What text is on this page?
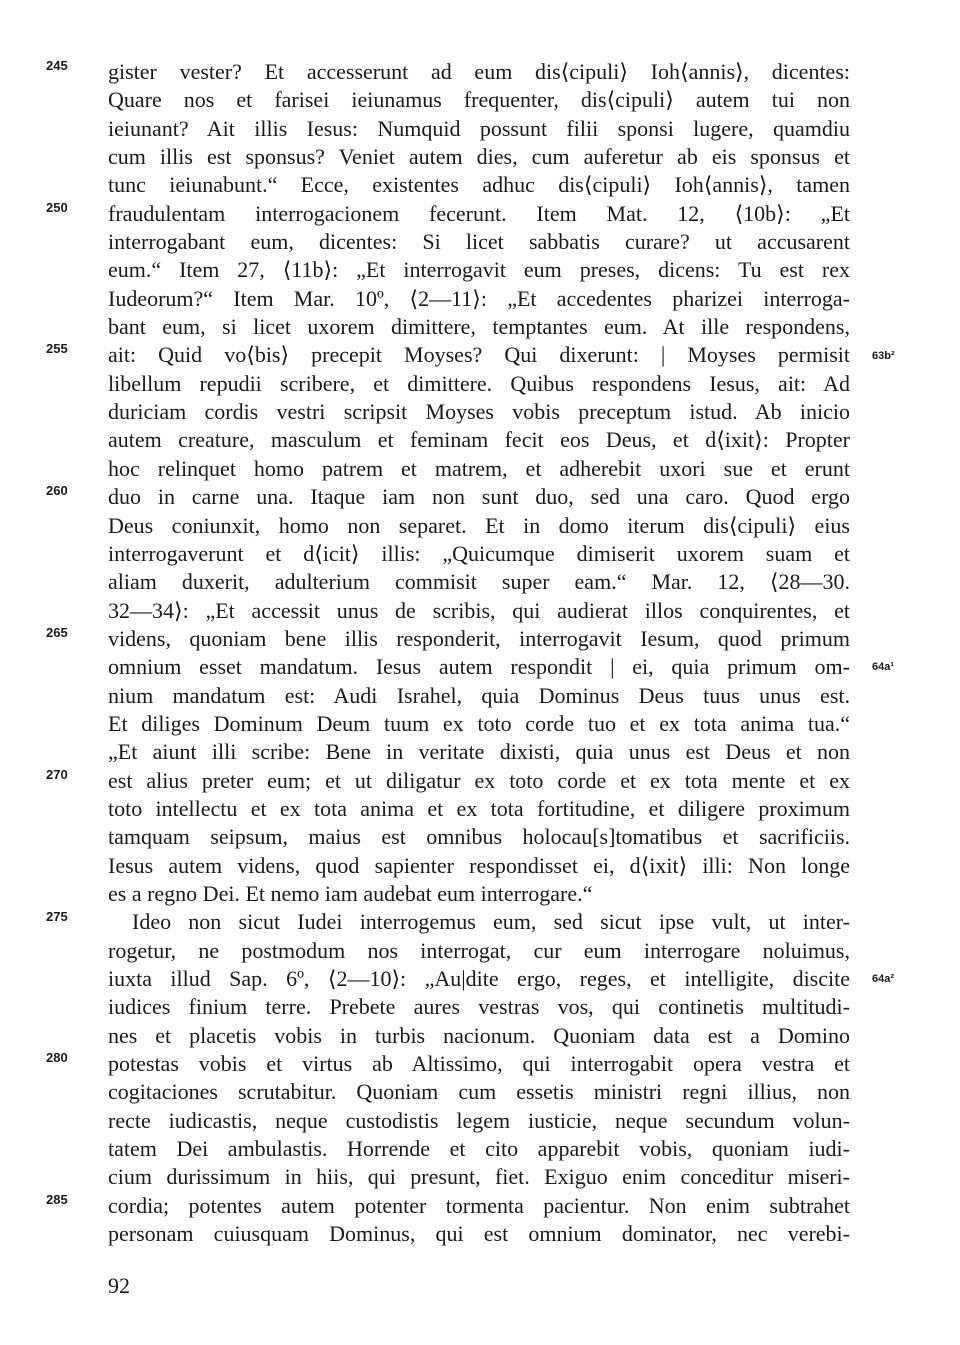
245
250
255
260
265
270
275
280
285
63b²
64a¹
64a²
gister vester? Et accesserunt ad eum dis⟨cipuli⟩ Ioh⟨annis⟩, dicentes:
Quare nos et farisei ieiunamus frequenter, dis⟨cipuli⟩ autem tui non
ieiunant? Ait illis Iesus: Numquid possunt filii sponsi lugere, quamdiu
cum illis est sponsus? Veniet autem dies, cum auferetur ab eis sponsus et
tunc ieiunabunt.“ Ecce, existentes adhuc dis⟨cipuli⟩ Ioh⟨annis⟩, tamen
fraudulentam interrogacionem fecerunt. Item Mat. 12, ⟨10b⟩: „Et
interrogabant eum, dicentes: Si licet sabbatis curare? ut accusarent
eum.“ Item 27, ⟨11b⟩: „Et interrogavit eum preses, dicens: Tu est rex
Iudeorum?“ Item Mar. 10º, ⟨2—11⟩: „Et accedentes pharizei interroga-
bant eum, si licet uxorem dimittere, temptantes eum. At ille respondens,
ait: Quid vo⟨bis⟩ precepit Moyses? Qui dixerunt: | Moyses permisit
libellum repudii scribere, et dimittere. Quibus respondens Iesus, ait: Ad
duriciam cordis vestri scripsit Moyses vobis preceptum istud. Ab inicio
autem creature, masculum et feminam fecit eos Deus, et d⟨ixit⟩: Propter
hoc relinquet homo patrem et matrem, et adherebit uxori sue et erunt
duo in carne una. Itaque iam non sunt duo, sed una caro. Quod ergo
Deus coniunxit, homo non separet. Et in domo iterum dis⟨cipuli⟩ eius
interrogaverunt et d⟨icit⟩ illis: „Quicumque dimiserit uxorem suam et
aliam duxerit, adulterium commisit super eam.“ Mar. 12, ⟨28—30.
32—34⟩: „Et accessit unus de scribis, qui audierat illos conquirentes, et
videns, quoniam bene illis responderit, interrogavit Iesum, quod primum
omnium esset mandatum. Iesus autem respondit | ei, quia primum om-
nium mandatum est: Audi Israhel, quia Dominus Deus tuus unus est.
Et diliges Dominum Deum tuum ex toto corde tuo et ex tota anima tua.“
„Et aiunt illi scribe: Bene in veritate dixisti, quia unus est Deus et non
est alius preter eum; et ut diligatur ex toto corde et ex tota mente et ex
toto intellectu et ex tota anima et ex tota fortitudine, et diligere proximum
tamquam seipsum, maius est omnibus holocau[s]tomatibus et sacrificiis.
Iesus autem videns, quod sapienter respondisset ei, d⟨ixit⟩ illi: Non longe
es a regno Dei. Et nemo iam audebat eum interrogare.“
Ideo non sicut Iudei interrogemus eum, sed sicut ipse vult, ut inter-
rogetur, ne postmodum nos interrogat, cur eum interrogare noluimus,
iuxta illud Sap. 6º, ⟨2—10⟩: „Au|dite ergo, reges, et intelligite, discite
iudices finium terre. Prebete aures vestras vos, qui continetis multitudi-
nes et placetis vobis in turbis nacionum. Quoniam data est a Domino
potestas vobis et virtus ab Altissimo, qui interrogabit opera vestra et
cogitaciones scrutabitur. Quoniam cum essetis ministri regni illius, non
recte iudicastis, neque custodistis legem iusticie, neque secundum volun-
tatem Dei ambulastis. Horrende et cito apparebit vobis, quoniam iudi-
cium durissimum in hiis, qui presunt, fiet. Exiguo enim conceditur miseri-
cordia; potentes autem potenter tormenta pacientur. Non enim subtrahet
personam cuiusquam Dominus, qui est omnium dominator, nec verebi-
92
